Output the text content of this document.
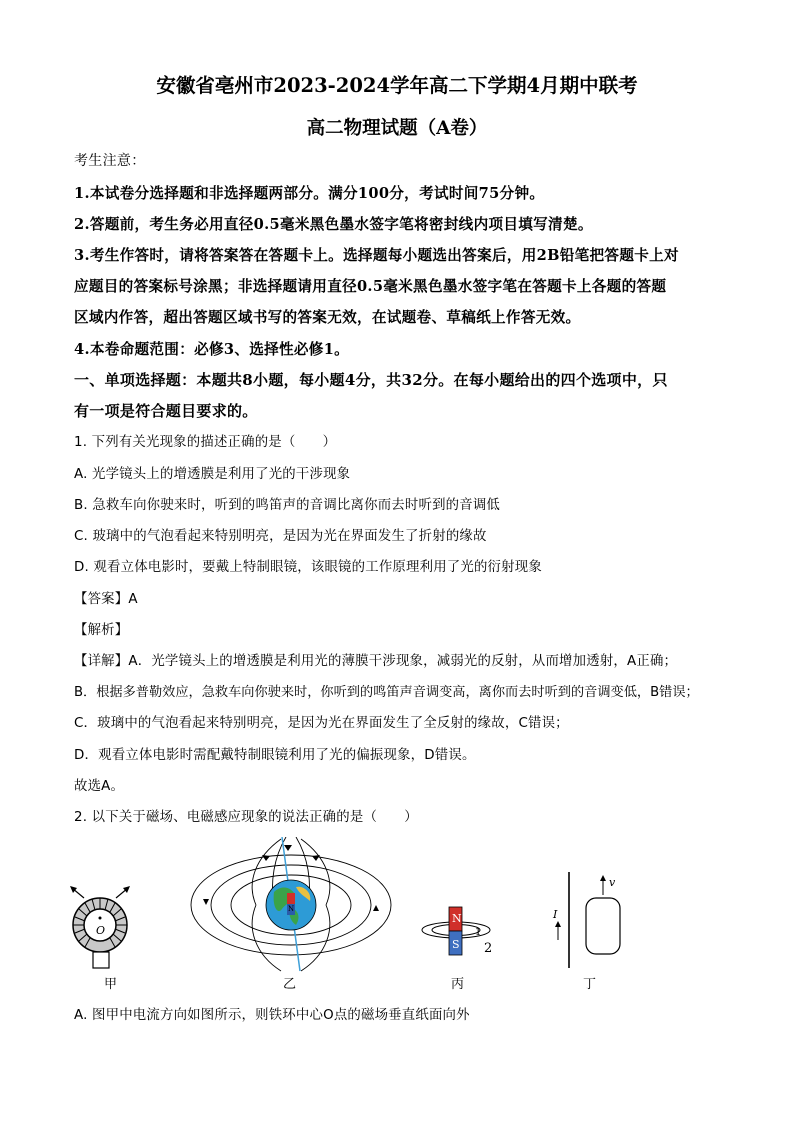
安徽省亳州市2023-2024学年高二下学期4月期中联考
高二物理试题（A卷）
考生注意：
1.本试卷分选择题和非选择题两部分。满分100分，考试时间75分钟。
2.答题前，考生务必用直径0.5毫米黑色墨水签字笔将密封线内项目填写清楚。
3.考生作答时，请将答案答在答题卡上。选择题每小题选出答案后，用2B铅笔把答题卡上对
应题目的答案标号涂黑；非选择题请用直径0.5毫米黑色墨水签字笔在答题卡上各题的答题
区域内作答，超出答题区域书写的答案无效，在试题卷、草稿纸上作答无效。
4.本卷命题范围：必修3、选择性必修1。
一、单项选择题：本题共8小题，每小题4分，共32分。在每小题给出的四个选项中，只
有一项是符合题目要求的。
1. 下列有关光现象的描述正确的是（　　）
A. 光学镜头上的增透膜是利用了光的干涉现象
B. 急救车向你驶来时，听到的鸣笛声的音调比离你而去时听到的音调低
C. 玻璃中的气泡看起来特别明亮，是因为光在界面发生了折射的缘故
D. 观看立体电影时，要戴上特制眼镜，该眼镜的工作原理利用了光的衍射现象
【答案】A
【解析】
【详解】A．光学镜头上的增透膜是利用光的薄膜干涉现象，减弱光的反射，从而增加透射，A正确；
B．根据多普勒效应，急救车向你驶来时，你听到的鸣笛声音调变高，离你而去时听到的音调变低，B错误；
C．玻璃中的气泡看起来特别明亮，是因为光在界面发生了全反射的缘故，C错误；
D．观看立体电影时需配戴特制眼镜利用了光的偏振现象，D错误。
故选A。
2. 以下关于磁场、电磁感应现象的说法正确的是（　　）
O
甲
N
乙
N
S
1
2
丙
I
v
丁
A. 图甲中电流方向如图所示，则铁环中心O点的磁场垂直纸面向外
